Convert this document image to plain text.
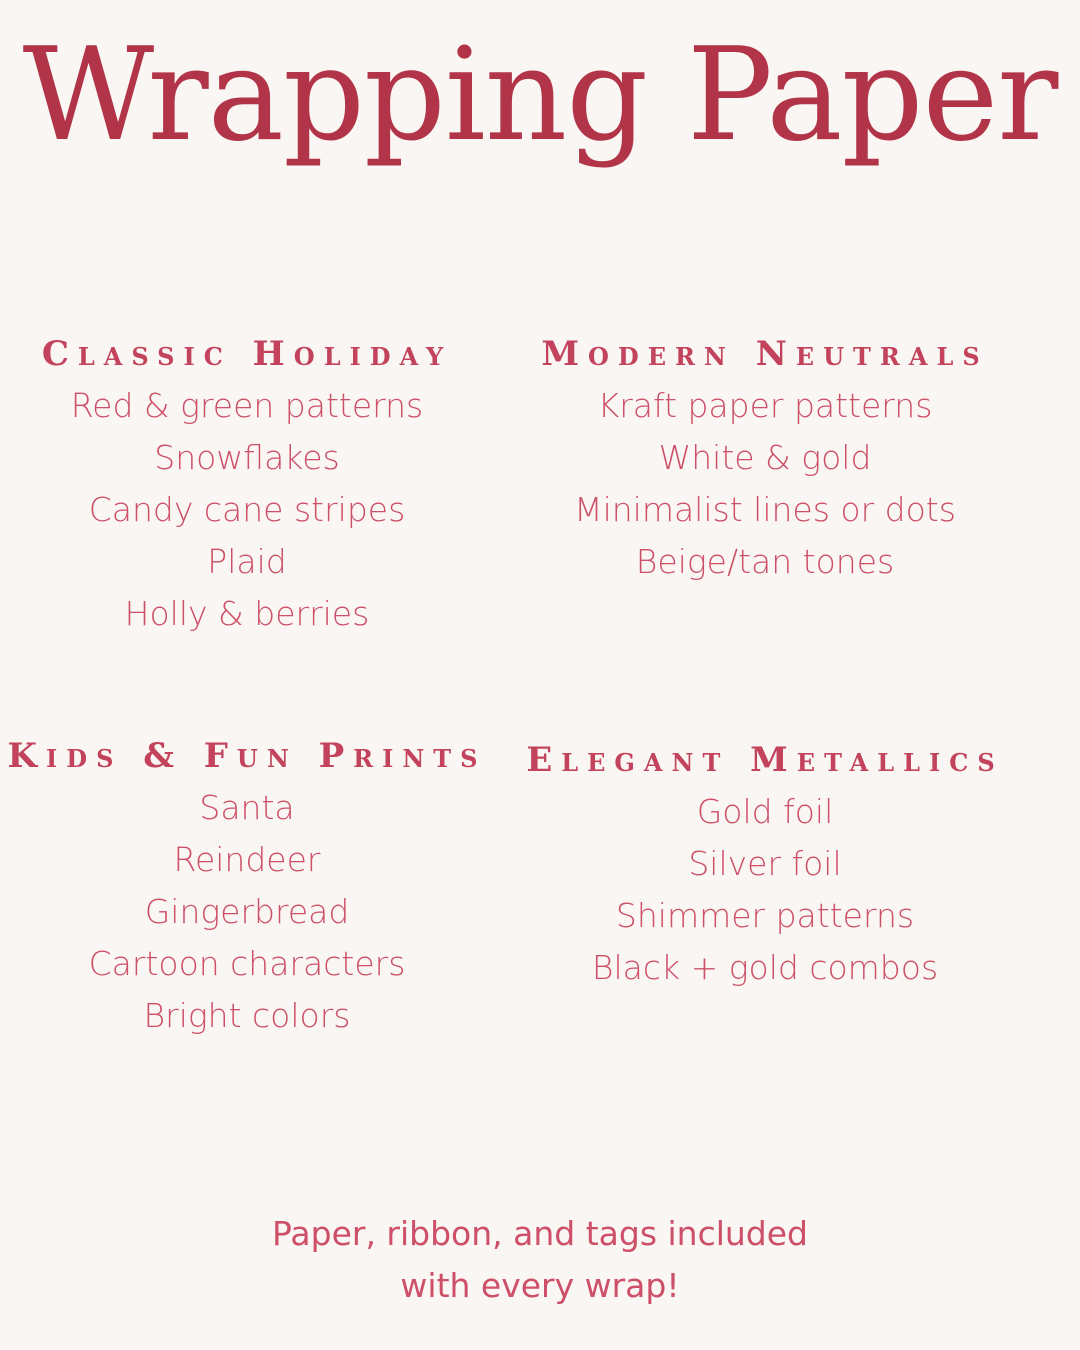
Wrapping Paper
Classic Holiday
Red & green patterns
Snowflakes
Candy cane stripes
Plaid
Holly & berries
Modern Neutrals
Kraft paper patterns
White & gold
Minimalist lines or dots
Beige/tan tones
Kids & Fun Prints
Santa
Reindeer
Gingerbread
Cartoon characters
Bright colors
Elegant Metallics
Gold foil
Silver foil
Shimmer patterns
Black + gold combos
Paper, ribbon, and tags included
with every wrap!
